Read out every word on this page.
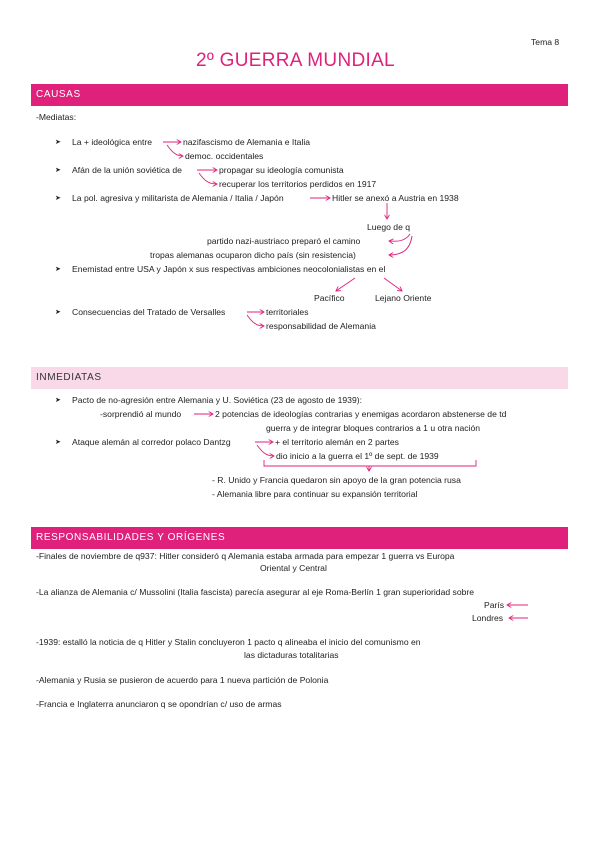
Tema 8
2º GUERRA MUNDIAL
CAUSAS
-Mediatas:
➤ La + ideológica entre	nazifascismo de Alemania e Italia
democ. occidentales
➤ Afán de la unión soviética de	propagar su ideología comunista
recuperar los territorios perdidos en 1917
➤ La pol. agresiva y militarista de Alemania / Italia / Japón	Hitler se anexó a Austria en 1938
Luego de q
partido nazi-austriaco preparó el camino
tropas alemanas ocuparon dicho país (sin resistencia)
➤ Enemistad entre USA y Japón x sus respectivas ambiciones neocolonialistas en el
Pacífico	Lejano Oriente
➤ Consecuencias del Tratado de Versalles	territoriales
responsabilidad de Alemania
INMEDIATAS
➤ Pacto de no-agresión entre Alemania y U. Soviética (23 de agosto de 1939):
-sorprendió al mundo	2 potencias de ideologías contrarias y enemigas acordaron abstenerse de td
guerra y de integrar bloques contrarios a 1 u otra nación
➤ Ataque alemán al corredor polaco Dantzg	+ el territorio alemán en 2 partes
dio inicio a la guerra el 1º de sept. de 1939
- R. Unido y Francia quedaron sin apoyo de la gran potencia rusa
- Alemania libre para continuar su expansión territorial
RESPONSABILIDADES Y ORÍGENES
-Finales de noviembre de q937: Hitler consideró q Alemania estaba armada para empezar 1 guerra vs Europa
Oriental y Central
-La alianza de Alemania c/ Mussolini (Italia fascista) parecía asegurar al eje Roma-Berlín 1 gran superioridad sobre
París
Londres
-1939: estalló la noticia de q Hitler y Stalin concluyeron 1 pacto q alineaba el inicio del comunismo en
las dictaduras totalitarias
-Alemania y Rusia se pusieron de acuerdo para 1 nueva partición de Polonia
-Francia e Inglaterra anunciaron q se opondrían c/ uso de armas
